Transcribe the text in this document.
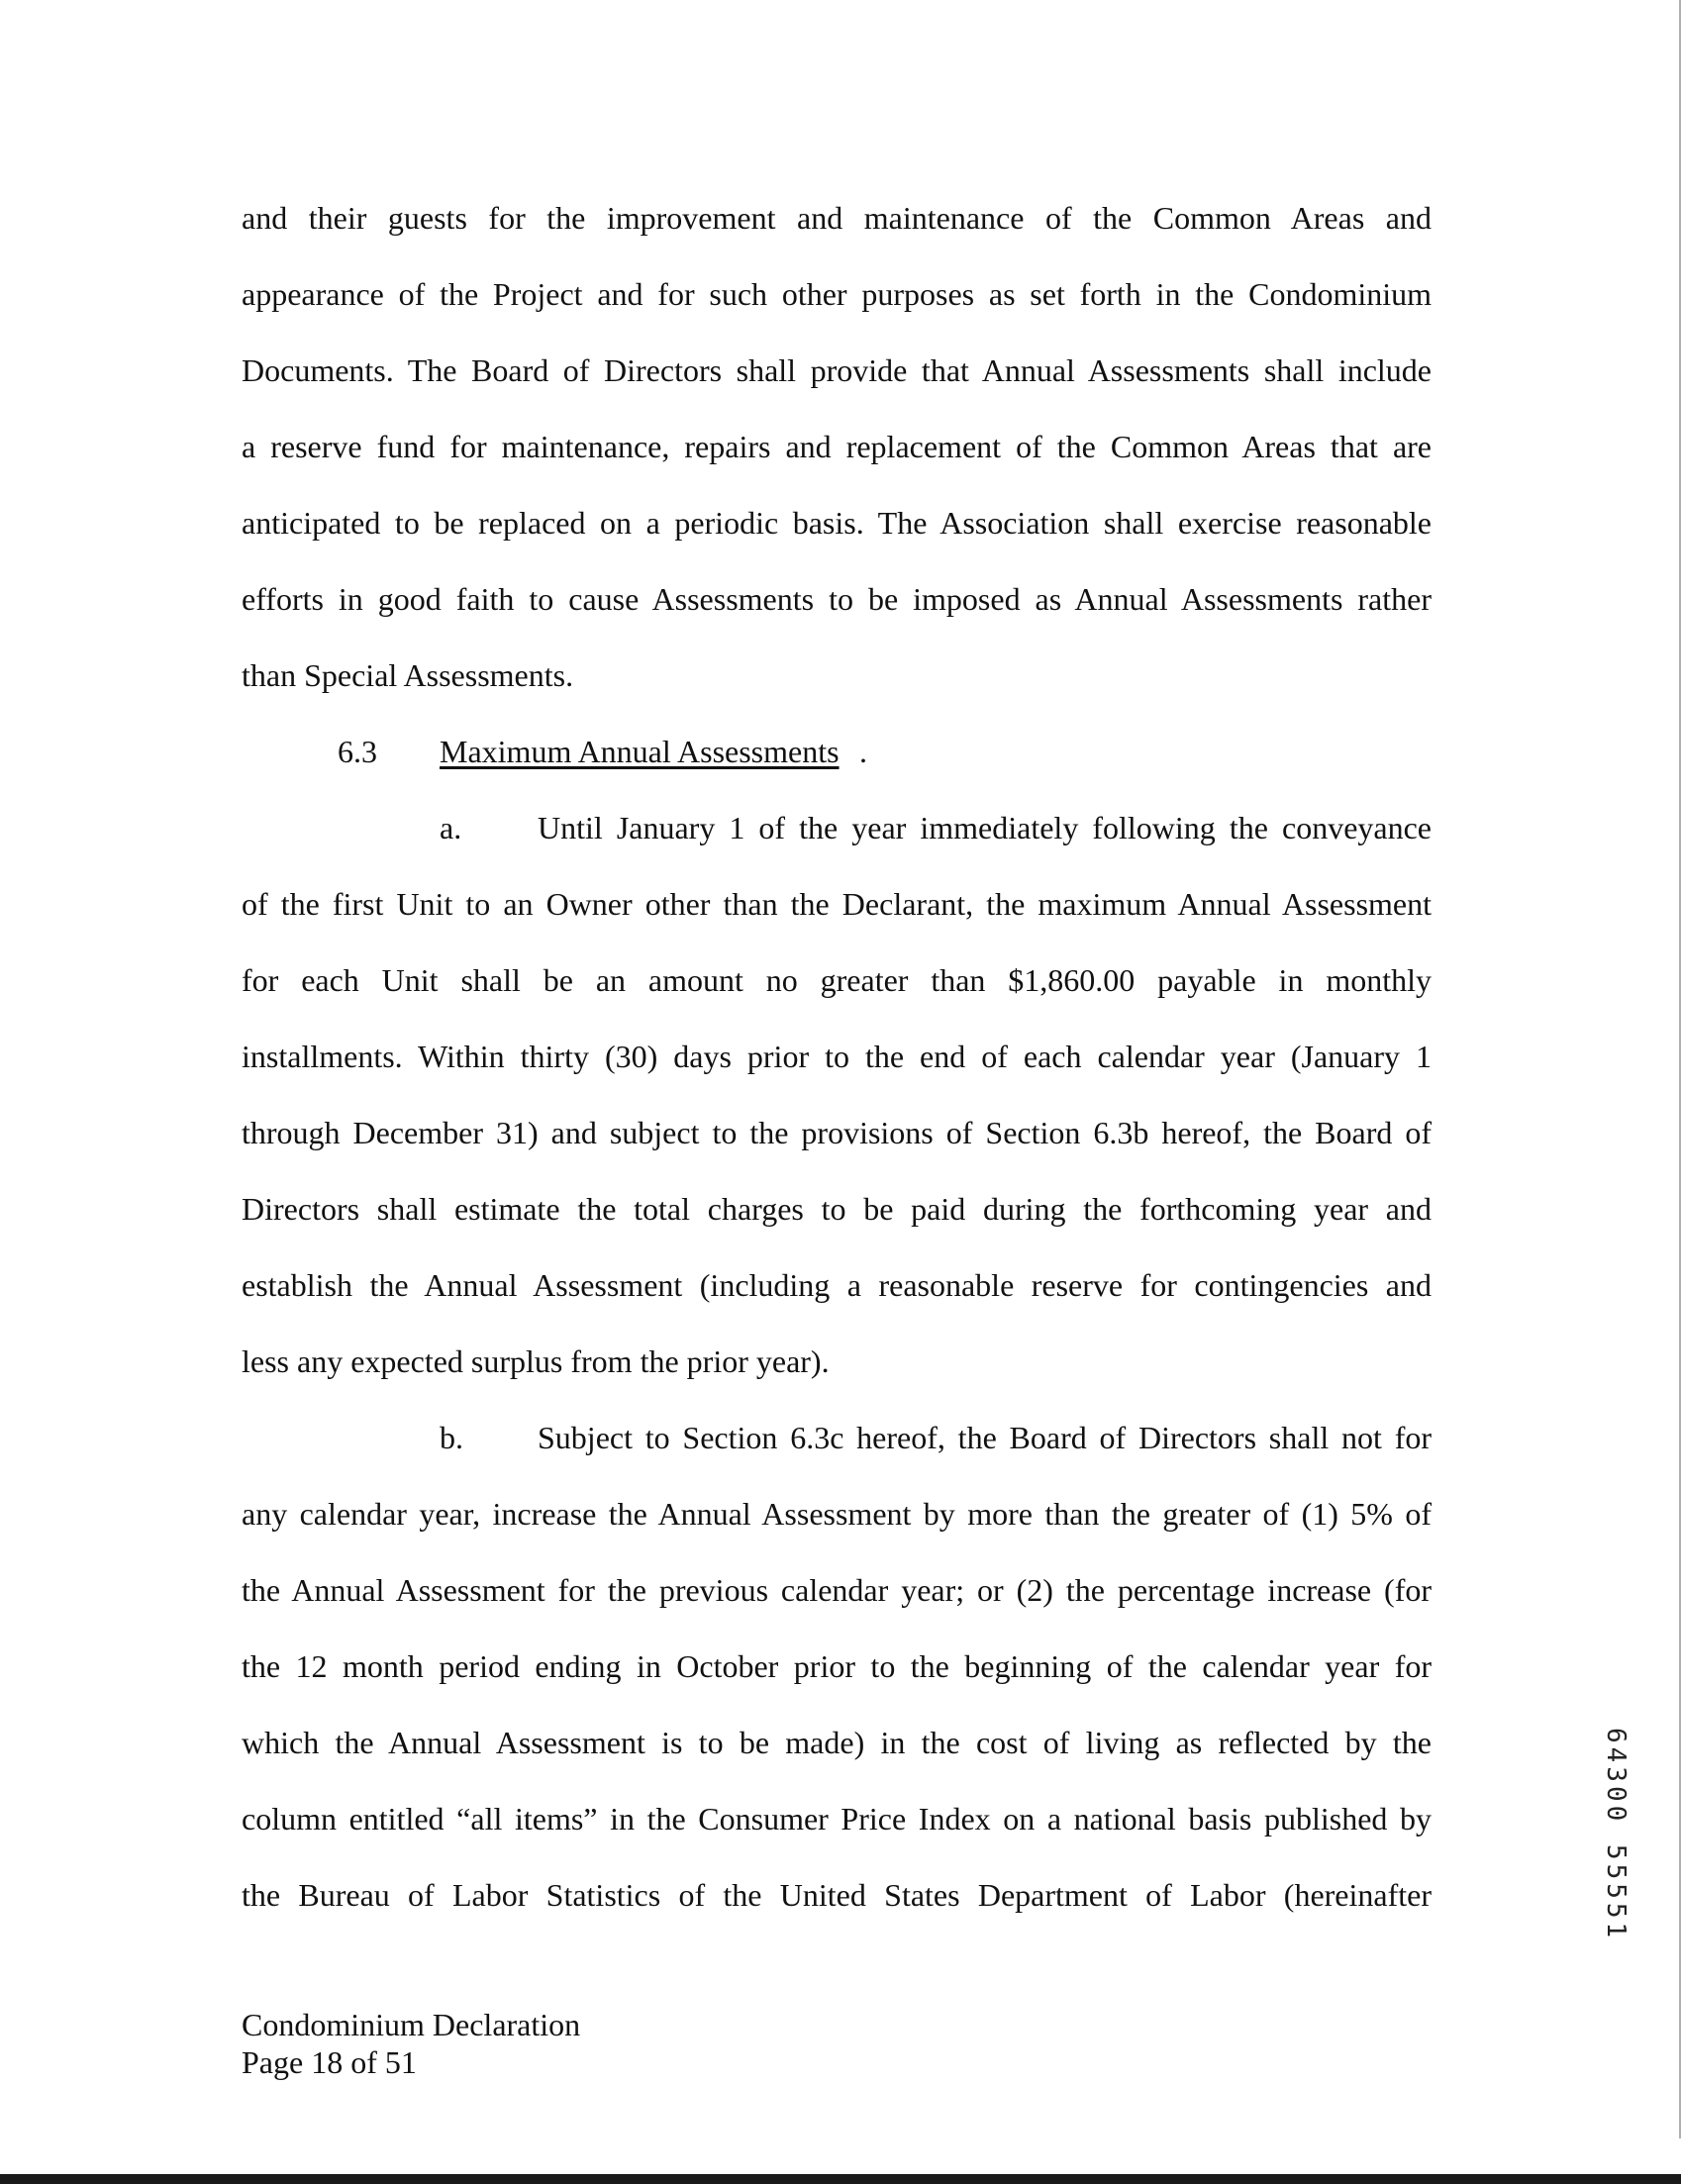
and their guests for the improvement and maintenance of the Common Areas and
appearance of the Project and for such other purposes as set forth in the Condominium
Documents. The Board of Directors shall provide that Annual Assessments shall include
a reserve fund for maintenance, repairs and replacement of the Common Areas that are
anticipated to be replaced on a periodic basis. The Association shall exercise reasonable
efforts in good faith to cause Assessments to be imposed as Annual Assessments rather
than Special Assessments.
6.3 Maximum Annual Assessments .
a. Until January 1 of the year immediately following the conveyance
of the first Unit to an Owner other than the Declarant, the maximum Annual Assessment
for each Unit shall be an amount no greater than $1,860.00 payable in monthly
installments. Within thirty (30) days prior to the end of each calendar year (January 1
through December 31) and subject to the provisions of Section 6.3b hereof, the Board of
Directors shall estimate the total charges to be paid during the forthcoming year and
establish the Annual Assessment (including a reasonable reserve for contingencies and
less any expected surplus from the prior year).
b. Subject to Section 6.3c hereof, the Board of Directors shall not for
any calendar year, increase the Annual Assessment by more than the greater of (1) 5% of
the Annual Assessment for the previous calendar year; or (2) the percentage increase (for
the 12 month period ending in October prior to the beginning of the calendar year for
which the Annual Assessment is to be made) in the cost of living as reflected by the
column entitled “all items” in the Consumer Price Index on a national basis published by
the Bureau of Labor Statistics of the United States Department of Labor (hereinafter	64300 55551
Condominium Declaration
Page 18 of 51
